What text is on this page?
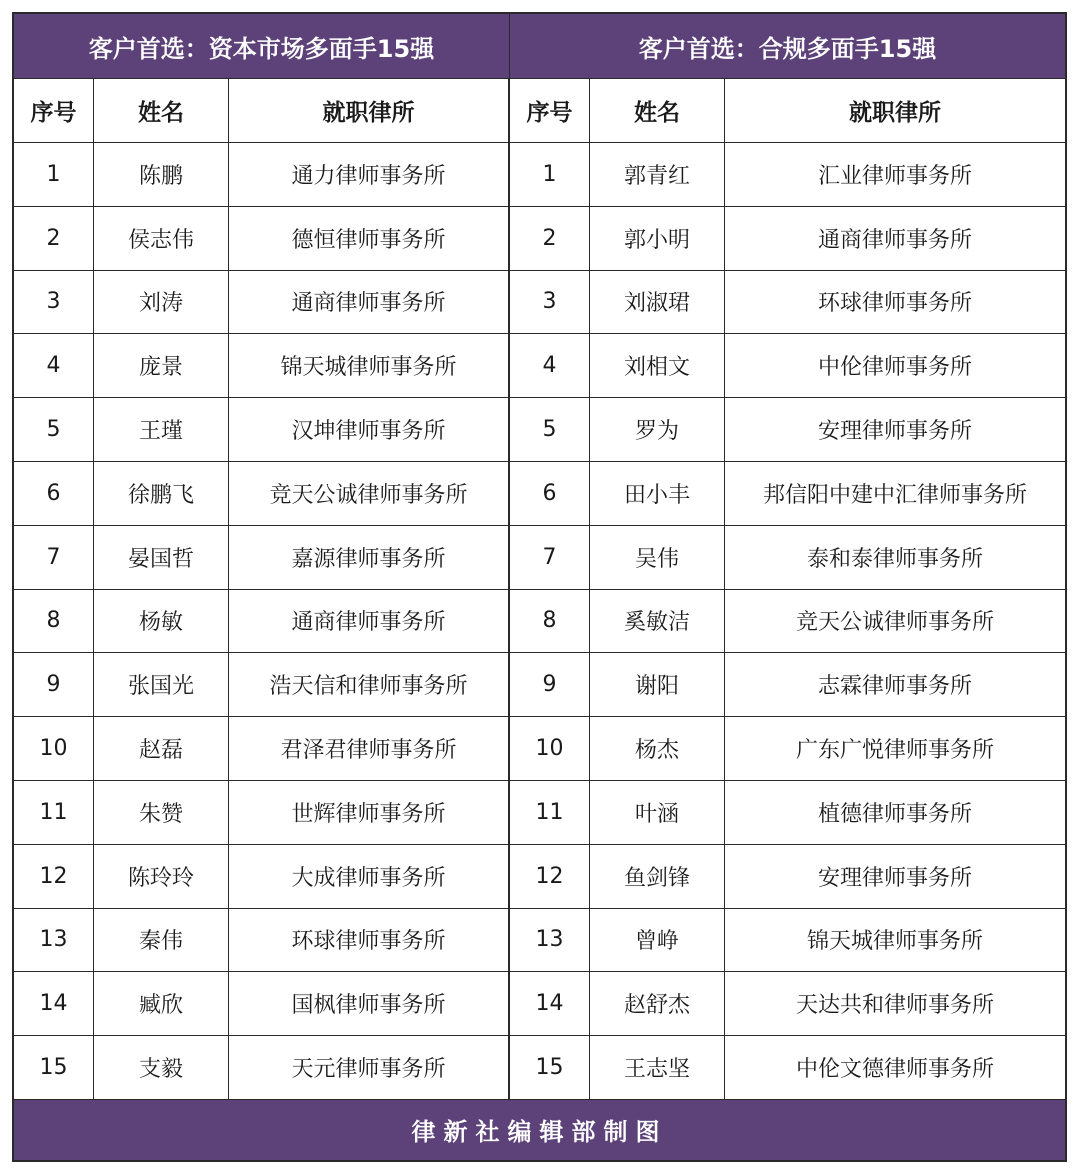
客户首选：资本市场多面手15强	客户首选：合规多面手15强
序号	姓名	就职律所	序号	姓名	就职律所
1	陈鹏	通力律师事务所	1	郭青红	汇业律师事务所
2	侯志伟	德恒律师事务所	2	郭小明	通商律师事务所
3	刘涛	通商律师事务所	3	刘淑珺	环球律师事务所
4	庞景	锦天城律师事务所	4	刘相文	中伦律师事务所
5	王瑾	汉坤律师事务所	5	罗为	安理律师事务所
6	徐鹏飞	竞天公诚律师事务所	6	田小丰	邦信阳中建中汇律师事务所
7	晏国哲	嘉源律师事务所	7	吴伟	泰和泰律师事务所
8	杨敏	通商律师事务所	8	奚敏洁	竞天公诚律师事务所
9	张国光	浩天信和律师事务所	9	谢阳	志霖律师事务所
10	赵磊	君泽君律师事务所	10	杨杰	广东广悦律师事务所
11	朱赞	世辉律师事务所	11	叶涵	植德律师事务所
12	陈玲玲	大成律师事务所	12	鱼剑锋	安理律师事务所
13	秦伟	环球律师事务所	13	曾峥	锦天城律师事务所
14	臧欣	国枫律师事务所	14	赵舒杰	天达共和律师事务所
15	支毅	天元律师事务所	15	王志坚	中伦文德律师事务所
律新社编辑部制图
